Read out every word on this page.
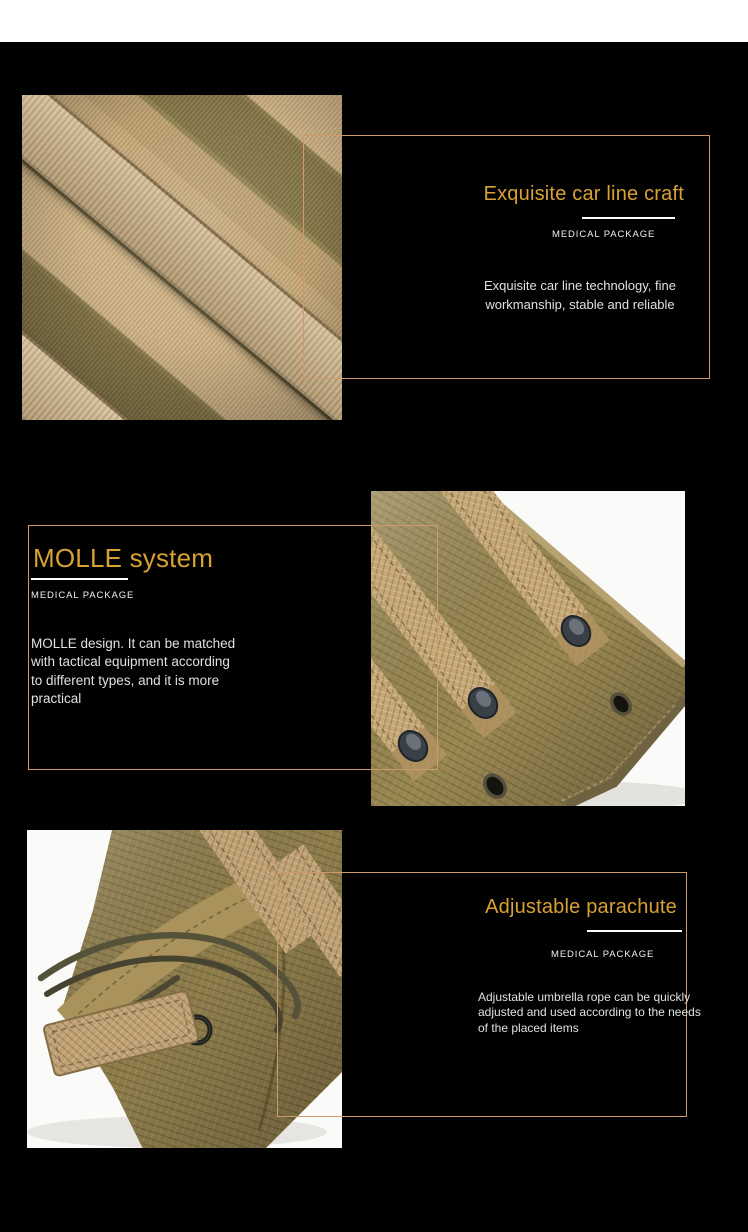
Exquisite car line craft
MEDICAL PACKAGE

Exquisite car line technology, fine
workmanship, stable and reliable

MOLLE system
MEDICAL PACKAGE

MOLLE design. It can be matched
with tactical equipment according
to different types, and it is more
practical

Adjustable parachute
MEDICAL PACKAGE

Adjustable umbrella rope can be quickly
adjusted and used according to the needs
of the placed items
